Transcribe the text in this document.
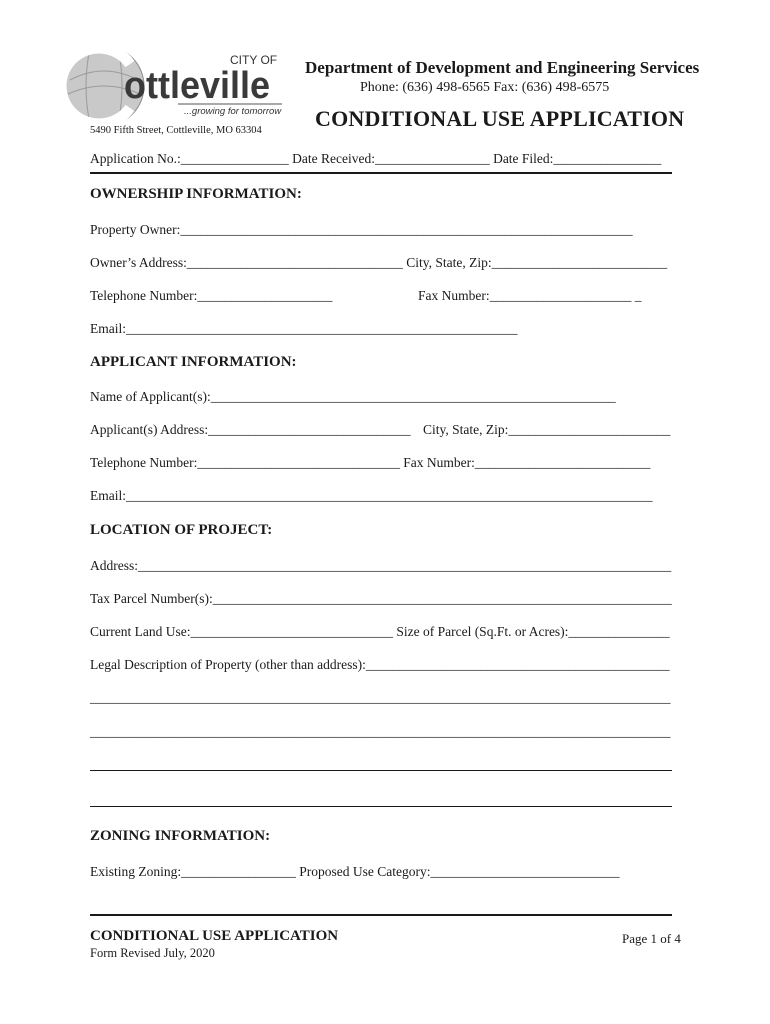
CITY OF
ottleville
...growing for tomorrow
5490 Fifth Street, Cottleville, MO 63304
Department of Development and Engineering Services
Phone: (636) 498-6565 Fax: (636) 498-6575
CONDITIONAL USE APPLICATION
Application No.:________________ Date Received:_________________ Date Filed:________________
OWNERSHIP INFORMATION:
Property Owner:___________________________________________________________________
Owner’s Address:________________________________ City, State, Zip:__________________________
Telephone Number:____________________	Fax Number:_____________________ _
Email:__________________________________________________________
APPLICANT INFORMATION:
Name of Applicant(s):____________________________________________________________
Applicant(s) Address:______________________________ City, State, Zip:________________________
Telephone Number:______________________________ Fax Number:__________________________
Email:______________________________________________________________________________
LOCATION OF PROJECT:
Address:_______________________________________________________________________________
Tax Parcel Number(s):____________________________________________________________________
Current Land Use:______________________________ Size of Parcel (Sq.Ft. or Acres):_______________
Legal Description of Property (other than address):_____________________________________________
______________________________________________________________________________________
______________________________________________________________________________________
ZONING INFORMATION:
Existing Zoning:_________________ Proposed Use Category:____________________________
CONDITIONAL USE APPLICATION
Form Revised July, 2020
Page 1 of 4
